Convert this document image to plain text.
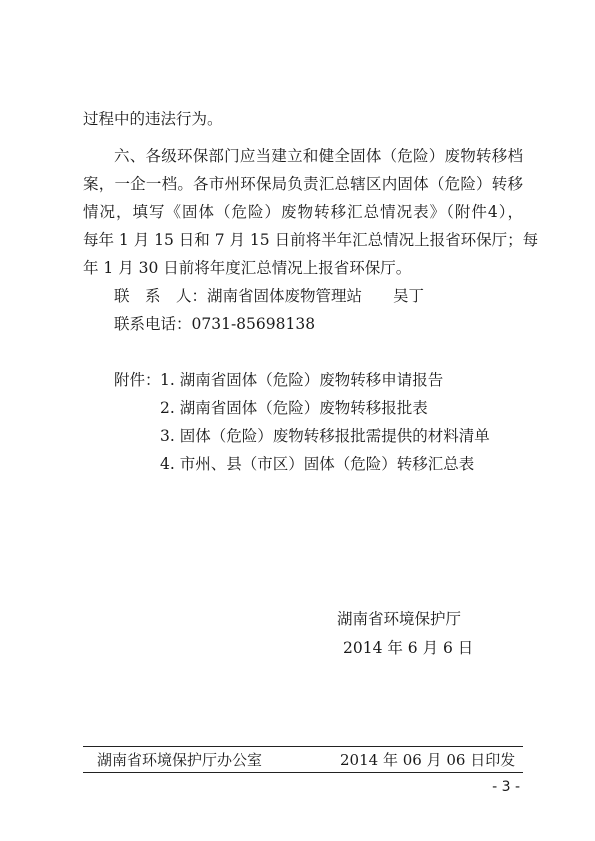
过程中的违法行为。
六、各级环保部门应当建立和健全固体（危险）废物转移档
案，一企一档。各市州环保局负责汇总辖区内固体（危险）转移
情况，填写《固体（危险）废物转移汇总情况表》（附件4），
每年 1 月 15 日和 7 月 15 日前将半年汇总情况上报省环保厅；每
年 1 月 30 日前将年度汇总情况上报省环保厅。
联　系　人：湖南省固体废物管理站　　吴丁
联系电话：0731-85698138
附件： 1. 湖南省固体（危险）废物转移申请报告
2. 湖南省固体（危险）废物转移报批表
3. 固体（危险）废物转移报批需提供的材料清单
4. 市州、县（市区）固体（危险）转移汇总表
湖南省环境保护厅
2014 年 6 月 6 日
湖南省环境保护厅办公室	2014 年 06 月 06 日印发
- 3 -
